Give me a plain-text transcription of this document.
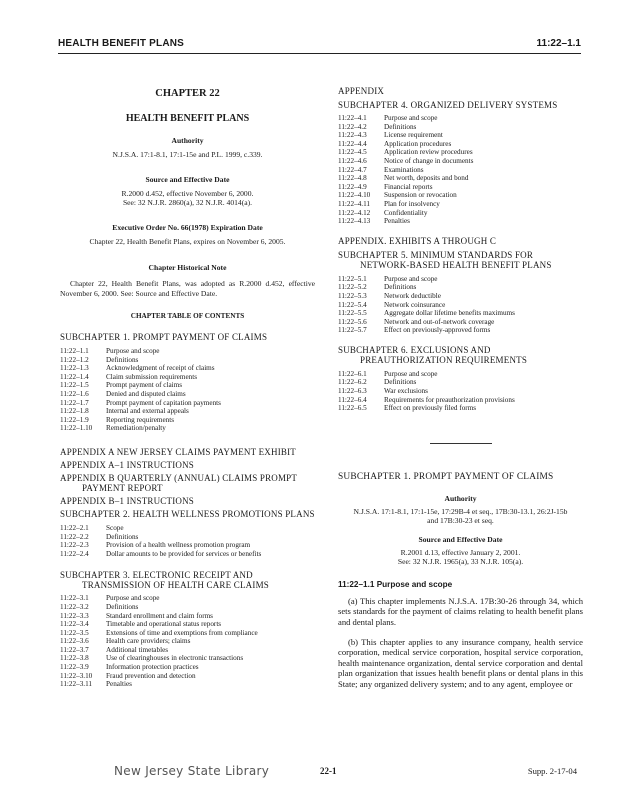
HEALTH BENEFIT PLANS	11:22–1.1
CHAPTER 22
HEALTH BENEFIT PLANS
Authority
N.J.S.A. 17:1-8.1, 17:1-15e and P.L. 1999, c.339.
Source and Effective Date
R.2000 d.452, effective November 6, 2000.
See: 32 N.J.R. 2860(a), 32 N.J.R. 4014(a).
Executive Order No. 66(1978) Expiration Date
Chapter 22, Health Benefit Plans, expires on November 6, 2005.
Chapter Historical Note
Chapter 22, Health Benefit Plans, was adopted as R.2000 d.452, effective November 6, 2000. See: Source and Effective Date.
CHAPTER TABLE OF CONTENTS
SUBCHAPTER 1. PROMPT PAYMENT OF CLAIMS
11:22–1.1	Purpose and scope
11:22–1.2	Definitions
11:22–1.3	Acknowledgment of receipt of claims
11:22–1.4	Claim submission requirements
11:22–1.5	Prompt payment of claims
11:22–1.6	Denied and disputed claims
11:22–1.7	Prompt payment of capitation payments
11:22–1.8	Internal and external appeals
11:22–1.9	Reporting requirements
11:22–1.10	Remediation/penalty
APPENDIX A NEW JERSEY CLAIMS PAYMENT EXHIBIT
APPENDIX A–1 INSTRUCTIONS
APPENDIX B QUARTERLY (ANNUAL) CLAIMS PROMPT PAYMENT REPORT
APPENDIX B–1 INSTRUCTIONS
SUBCHAPTER 2. HEALTH WELLNESS PROMOTIONS PLANS
11:22–2.1	Scope
11:22–2.2	Definitions
11:22–2.3	Provision of a health wellness promotion program
11:22–2.4	Dollar amounts to be provided for services or benefits
SUBCHAPTER 3. ELECTRONIC RECEIPT AND TRANSMISSION OF HEALTH CARE CLAIMS
11:22–3.1	Purpose and scope
11:22–3.2	Definitions
11:22–3.3	Standard enrollment and claim forms
11:22–3.4	Timetable and operational status reports
11:22–3.5	Extensions of time and exemptions from compliance
11:22–3.6	Health care providers; claims
11:22–3.7	Additional timetables
11:22–3.8	Use of clearinghouses in electronic transactions
11:22–3.9	Information protection practices
11:22–3.10	Fraud prevention and detection
11:22–3.11	Penalties
APPENDIX
SUBCHAPTER 4. ORGANIZED DELIVERY SYSTEMS
11:22–4.1	Purpose and scope
11:22–4.2	Definitions
11:22–4.3	License requirement
11:22–4.4	Application procedures
11:22–4.5	Application review procedures
11:22–4.6	Notice of change in documents
11:22–4.7	Examinations
11:22–4.8	Net worth, deposits and bond
11:22–4.9	Financial reports
11:22–4.10	Suspension or revocation
11:22–4.11	Plan for insolvency
11:22–4.12	Confidentiality
11:22–4.13	Penalties
APPENDIX. EXHIBITS A THROUGH C
SUBCHAPTER 5. MINIMUM STANDARDS FOR NETWORK-BASED HEALTH BENEFIT PLANS
11:22–5.1	Purpose and scope
11:22–5.2	Definitions
11:22–5.3	Network deductible
11:22–5.4	Network coinsurance
11:22–5.5	Aggregate dollar lifetime benefits maximums
11:22–5.6	Network and out-of-network coverage
11:22–5.7	Effect on previously-approved forms
SUBCHAPTER 6. EXCLUSIONS AND PREAUTHORIZATION REQUIREMENTS
11:22–6.1	Purpose and scope
11:22–6.2	Definitions
11:22–6.3	War exclusions
11:22–6.4	Requirements for preauthorization provisions
11:22–6.5	Effect on previously filed forms
SUBCHAPTER 1. PROMPT PAYMENT OF CLAIMS
Authority
N.J.S.A. 17:1-8.1, 17:1-15e, 17:29B-4 et seq., 17B:30-13.1, 26:2J-15b and 17B:30-23 et seq.
Source and Effective Date
R.2001 d.13, effective January 2, 2001.
See: 32 N.J.R. 1965(a), 33 N.J.R. 105(a).
11:22–1.1 Purpose and scope
(a) This chapter implements N.J.S.A. 17B:30-26 through 34, which sets standards for the payment of claims relating to health benefit plans and dental plans.
(b) This chapter applies to any insurance company, health service corporation, medical service corporation, hospital service corporation, health maintenance organization, dental service corporation and dental plan organization that issues health benefit plans or dental plans in this State; any organized delivery system; and to any agent, employee or
New Jersey State Library	22-1	Supp. 2-17-04
